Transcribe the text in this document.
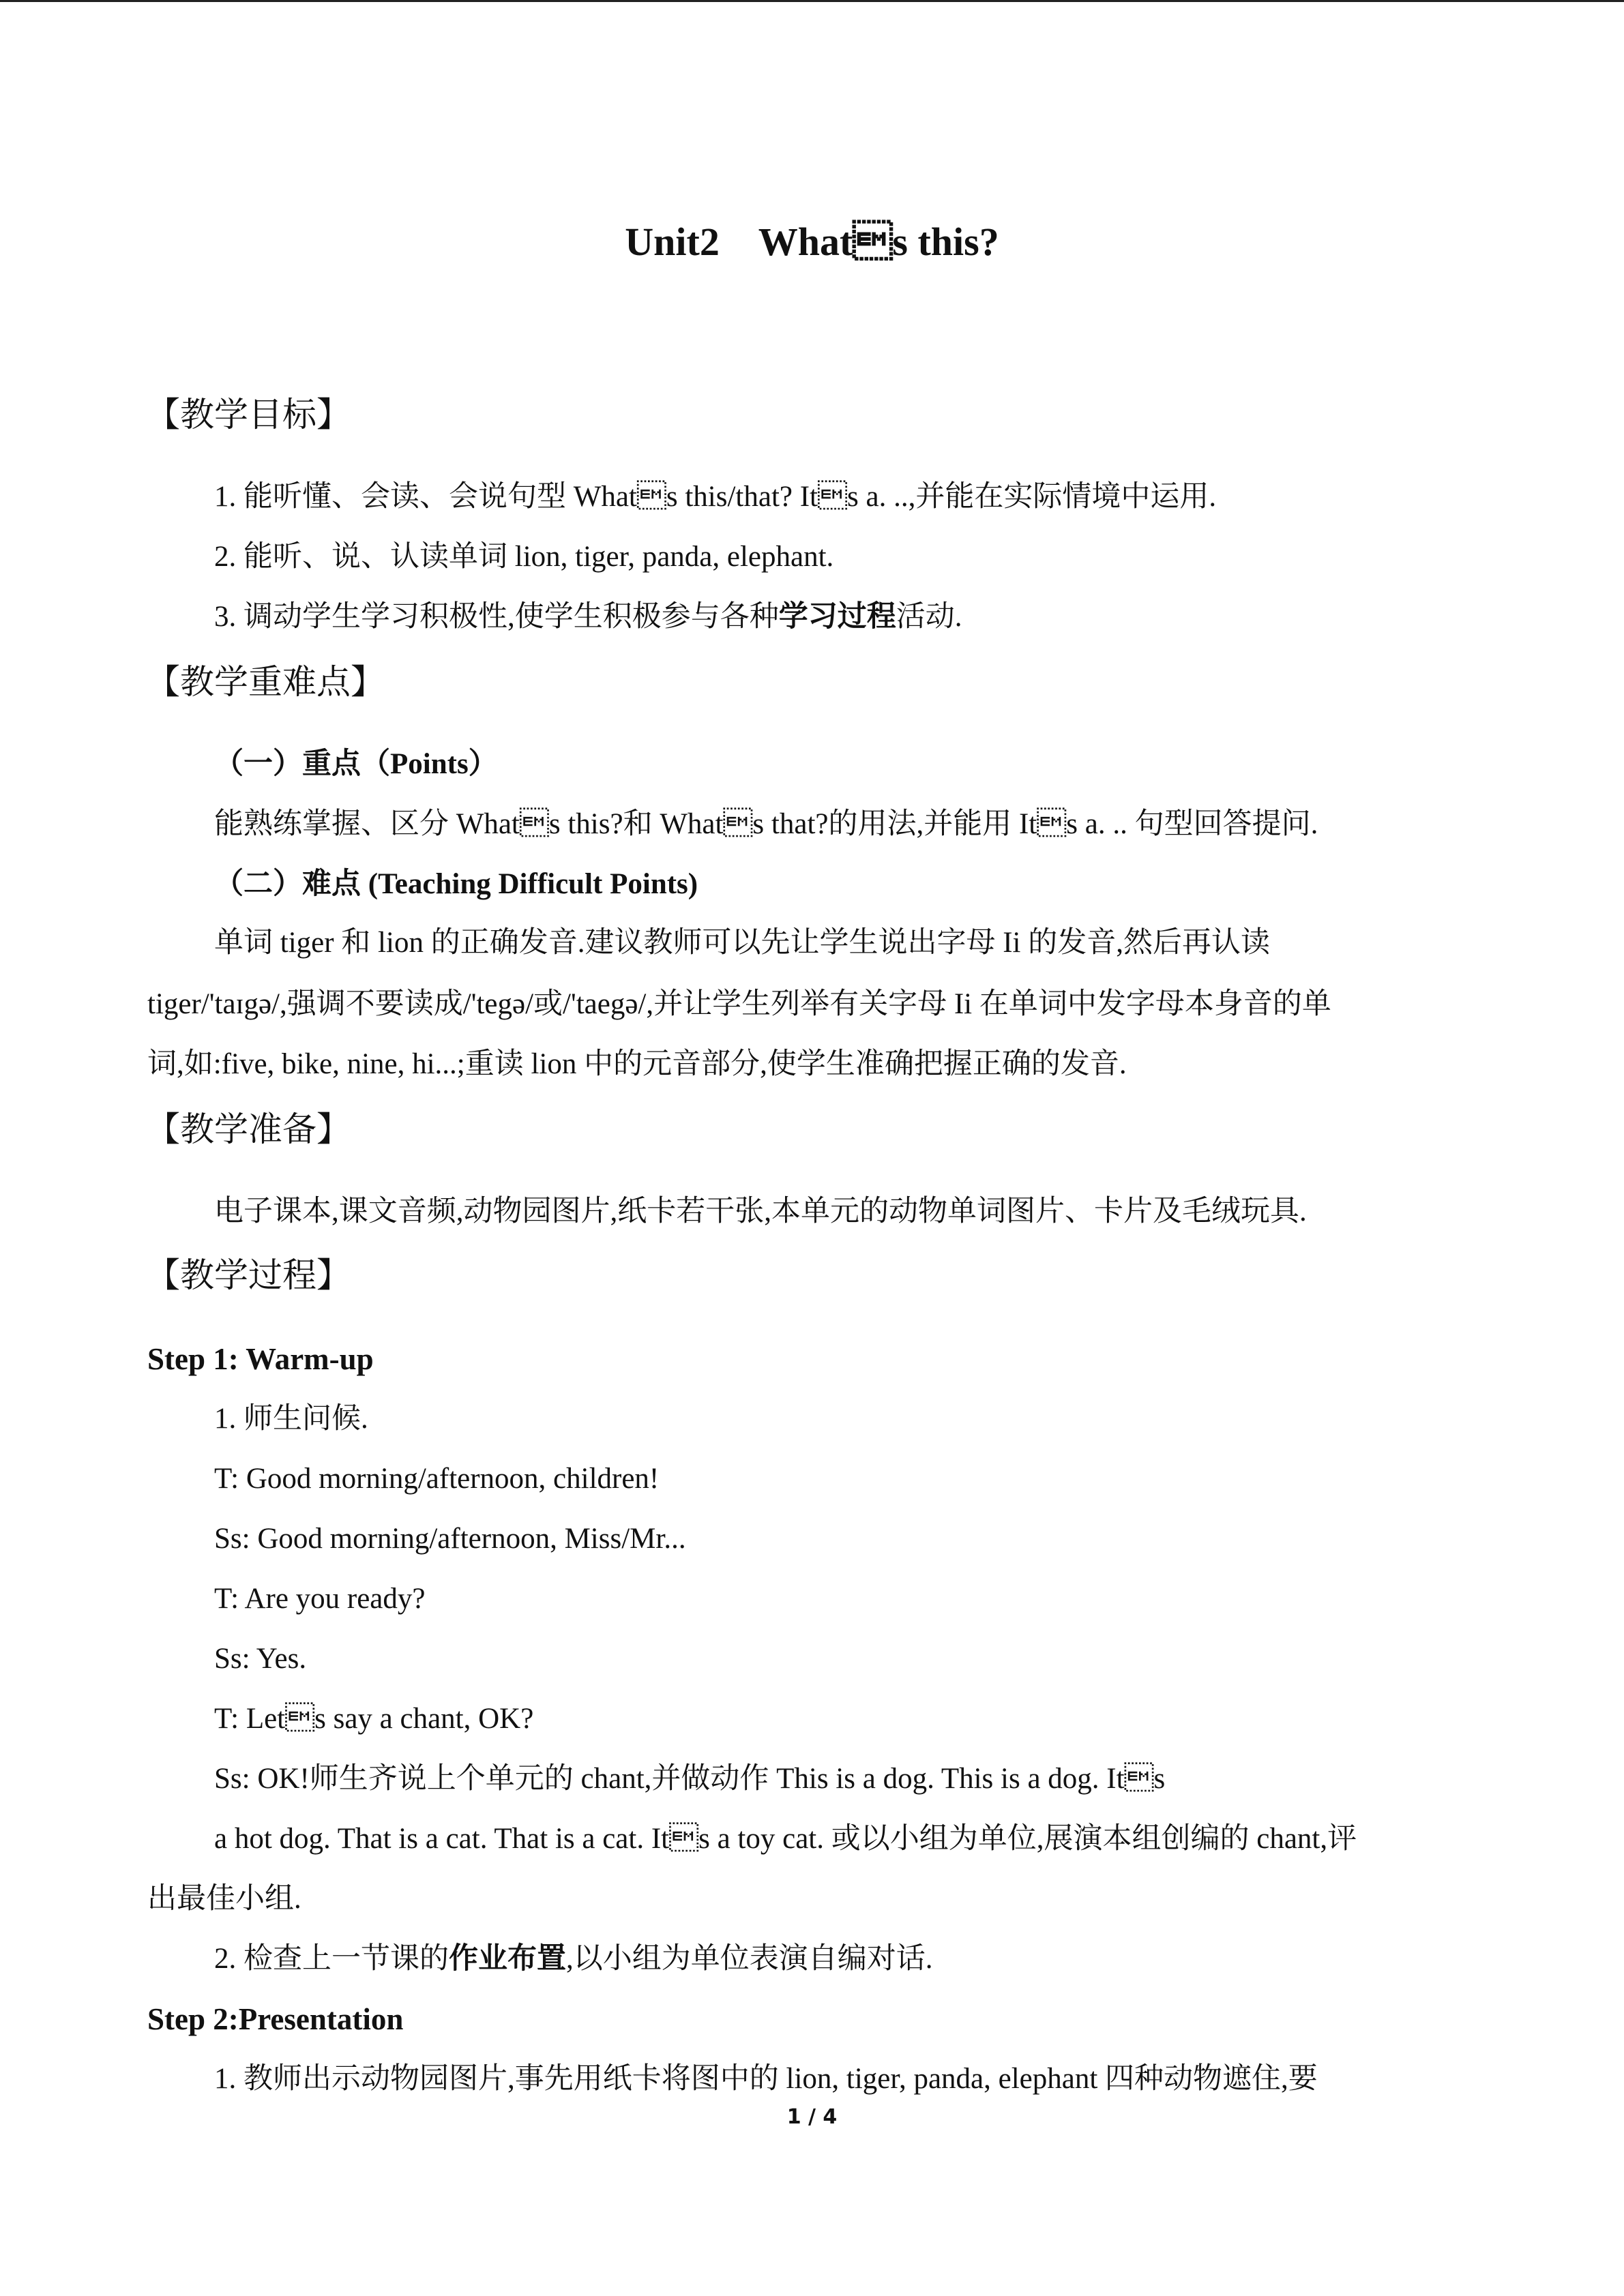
Unit2    Whats this?
【教学目标】
1. 能听懂、会读、会说句型 Whats this/that? Its a. ..,并能在实际情境中运用.
2. 能听、说、认读单词 lion, tiger, panda, elephant.
3. 调动学生学习积极性,使学生积极参与各种学习过程活动.
【教学重难点】
（一）重点（Points）
能熟练掌握、区分 Whats this?和 Whats that?的用法,并能用 Its a. .. 句型回答提问.
（二）难点 (Teaching Difficult Points)
单词 tiger 和 lion 的正确发音.建议教师可以先让学生说出字母 Ii 的发音,然后再认读
tiger/'taɪgə/,强调不要读成/'tegə/或/'taegə/,并让学生列举有关字母 Ii 在单词中发字母本身音的单
词,如:five, bike, nine, hi...;重读 lion 中的元音部分,使学生准确把握正确的发音.
【教学准备】
电子课本,课文音频,动物园图片,纸卡若干张,本单元的动物单词图片、卡片及毛绒玩具.
【教学过程】
Step 1: Warm-up
1. 师生问候.
T: Good morning/afternoon, children!
Ss: Good morning/afternoon, Miss/Mr...
T: Are you ready?
Ss: Yes.
T: Lets say a chant, OK?
Ss: OK!师生齐说上个单元的 chant,并做动作 This is a dog. This is a dog. Its
a hot dog. That is a cat. That is a cat. Its a toy cat. 或以小组为单位,展演本组创编的 chant,评
出最佳小组.
2. 检查上一节课的作业布置,以小组为单位表演自编对话.
Step 2:Presentation
1. 教师出示动物园图片,事先用纸卡将图中的 lion, tiger, panda, elephant 四种动物遮住,要
1 / 4
